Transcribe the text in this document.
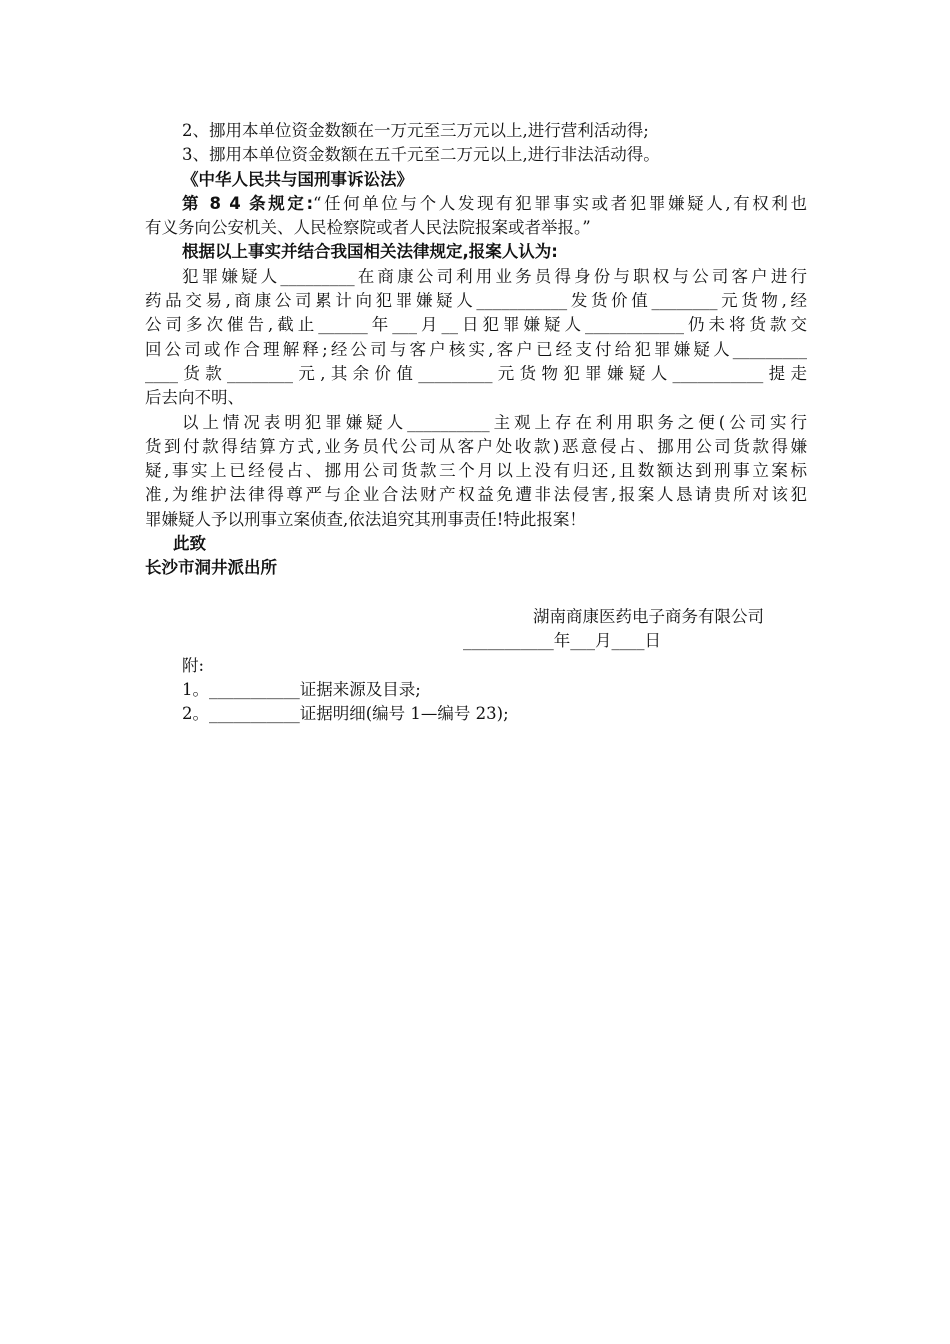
2、挪用本单位资金数额在一万元至三万元以上,进行营利活动得;
3、挪用本单位资金数额在五千元至二万元以上,进行非法活动得。
《中华人民共与国刑事诉讼法》
第 8 4 条规定:“任何单位与个人发现有犯罪事实或者犯罪嫌疑人,有权利也
有义务向公安机关、人民检察院或者人民法院报案或者举报。”
根据以上事实并结合我国相关法律规定,报案人认为:
犯罪嫌疑人_________在商康公司利用业务员得身份与职权与公司客户进行
药品交易,商康公司累计向犯罪嫌疑人___________发货价值________元货物,经
公司多次催告,截止______年___月__日犯罪嫌疑人____________仍未将货款交
回公司或作合理解释;经公司与客户核实,客户已经支付给犯罪嫌疑人_________
____货款________元,其余价值_________元货物犯罪嫌疑人___________提走
后去向不明、
以上情况表明犯罪嫌疑人__________主观上存在利用职务之便(公司实行
货到付款得结算方式,业务员代公司从客户处收款)恶意侵占、挪用公司货款得嫌
疑,事实上已经侵占、挪用公司货款三个月以上没有归还,且数额达到刑事立案标
准,为维护法律得尊严与企业合法财产权益免遭非法侵害,报案人恳请贵所对该犯
罪嫌疑人予以刑事立案侦查,依法追究其刑事责任!特此报案！
此致
长沙市洞井派出所
湖南商康医药电子商务有限公司
___________年___月____日
附:
1。___________证据来源及目录;
2。___________证据明细(编号 1—编号 23);
